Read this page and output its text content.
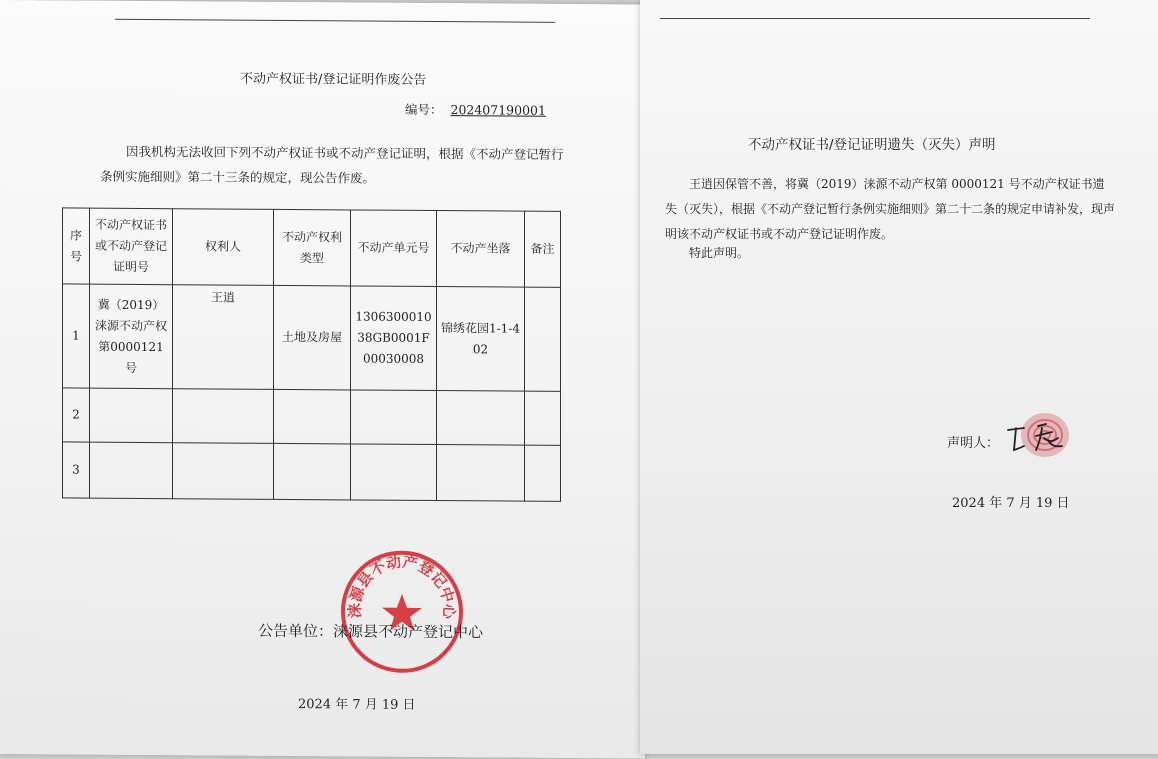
不动产权证书/登记证明作废公告
编号： 202407190001
因我机构无法收回下列不动产权证书或不动产登记证明，根据《不动产登记暂行条例实施细则》第二十三条的规定，现公告作废。
序号	不动产权证书或不动产登记证明号	权利人	不动产权利类型	不动产单元号	不动产坐落	备注
1	冀（2019）涞源不动产权第0000121号	王逍	土地及房屋	130630001038GB0001F00030008	锦绣花园1-1-402	
2						
3						
涞源县不动产登记中心
公告单位：涞源县不动产登记中心
2024 年 7 月 19 日
不动产权证书/登记证明遗失（灭失）声明
王逍因保管不善，将冀（2019）涞源不动产权第 0000121 号不动产权证书遗失（灭失），根据《不动产登记暂行条例实施细则》第二十二条的规定申请补发，现声明该不动产权证书或不动产登记证明作废。
特此声明。
声明人：
2024 年 7 月 19 日
